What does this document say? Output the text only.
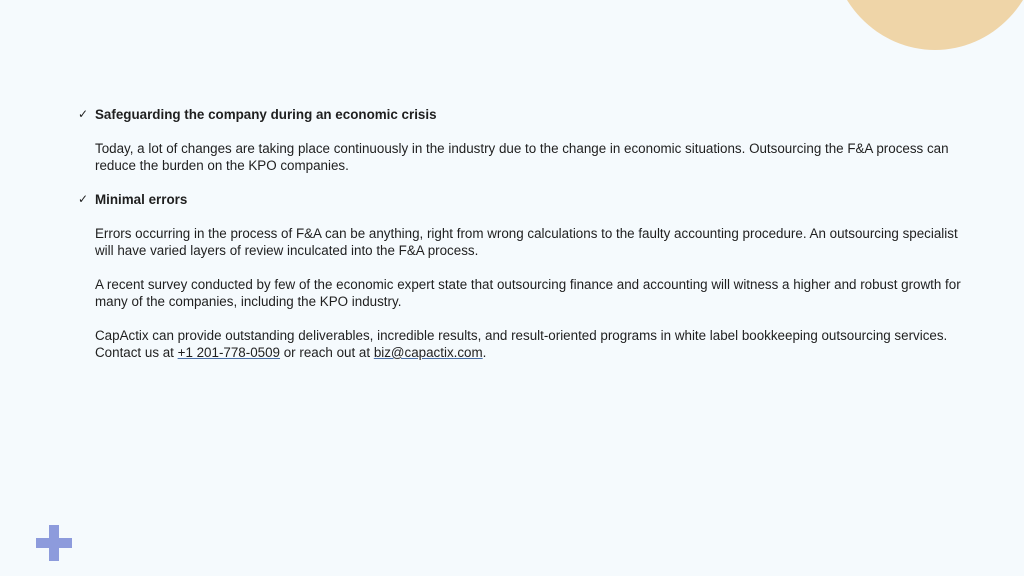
✓ Safeguarding the company during an economic crisis

Today, a lot of changes are taking place continuously in the industry due to the change in economic situations. Outsourcing the F&A process can reduce the burden on the KPO companies.

✓ Minimal errors

Errors occurring in the process of F&A can be anything, right from wrong calculations to the faulty accounting procedure. An outsourcing specialist will have varied layers of review inculcated into the F&A process.

A recent survey conducted by few of the economic expert state that outsourcing finance and accounting will witness a higher and robust growth for many of the companies, including the KPO industry.

CapActix can provide outstanding deliverables, incredible results, and result-oriented programs in white label bookkeeping outsourcing services. Contact us at +1 201-778-0509 or reach out at biz@capactix.com.
